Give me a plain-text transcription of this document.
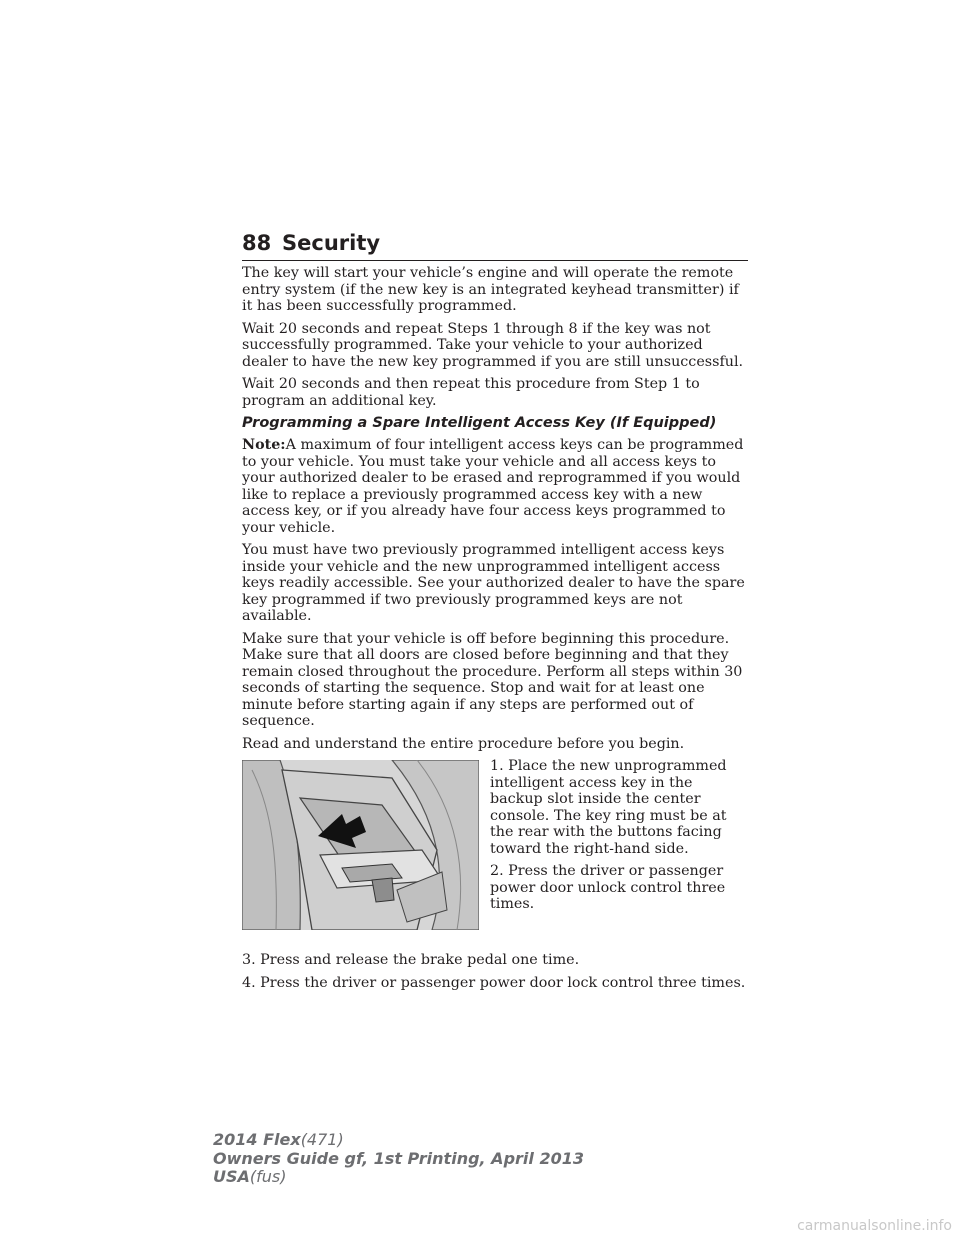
88 Security

The key will start your vehicle’s engine and will operate the remote entry system (if the new key is an integrated keyhead transmitter) if it has been successfully programmed.

Wait 20 seconds and repeat Steps 1 through 8 if the key was not successfully programmed. Take your vehicle to your authorized dealer to have the new key programmed if you are still unsuccessful.

Wait 20 seconds and then repeat this procedure from Step 1 to program an additional key.

Programming a Spare Intelligent Access Key (If Equipped)

Note:A maximum of four intelligent access keys can be programmed to your vehicle. You must take your vehicle and all access keys to your authorized dealer to be erased and reprogrammed if you would like to replace a previously programmed access key with a new access key, or if you already have four access keys programmed to your vehicle.

You must have two previously programmed intelligent access keys inside your vehicle and the new unprogrammed intelligent access keys readily accessible. See your authorized dealer to have the spare key programmed if two previously programmed keys are not available.

Make sure that your vehicle is off before beginning this procedure. Make sure that all doors are closed before beginning and that they remain closed throughout the procedure. Perform all steps within 30 seconds of starting the sequence. Stop and wait for at least one minute before starting again if any steps are performed out of sequence.

Read and understand the entire procedure before you begin.

1. Place the new unprogrammed intelligent access key in the backup slot inside the center console. The key ring must be at the rear with the buttons facing toward the right-hand side.

2. Press the driver or passenger power door unlock control three times.

3. Press and release the brake pedal one time.

4. Press the driver or passenger power door lock control three times.

2014 Flex(471)
Owners Guide gf, 1st Printing, April 2013
USA(fus)
carmanualsonline.info
